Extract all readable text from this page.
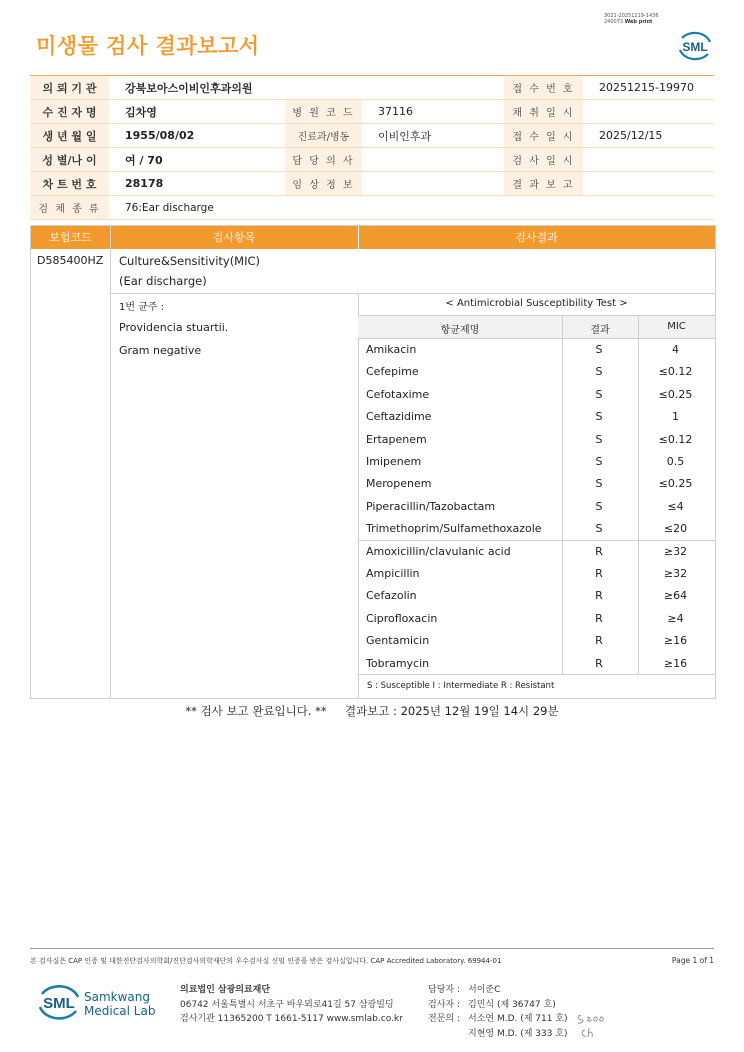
미생물 검사 결과보고서
3021-20251219-1436
240073 Web print
SML
의 뢰 기 관	강북보아스이비인후과의원			접 수 번 호	20251215-19970
수 진 자 명	김차영	병 원 코 드	37116	채 취 일 시	
생 년 월 일	1955/08/02	진료과/병동	이비인후과	접 수 일 시	2025/12/15
성 별/나 이	여 / 70	담 당 의 사		검 사 일 시	
차 트 번 호	28178	임 상 정 보		결 과 보 고	
검 체 종 류	76:Ear discharge				
보험코드	검사항목	검사결과
D585400HZ Culture&Sensitivity(MIC)
(Ear discharge)
1번 균주 :
Providencia stuartii.
Gram negative
< Antimicrobial Susceptibility Test >
항균제명	결과	MIC
S : Susceptible I : Intermediate R : Resistant
Amikacin	S	4
Cefepime	S	≤0.12
Cefotaxime	S	≤0.25
Ceftazidime	S	1
Ertapenem	S	≤0.12
Imipenem	S	0.5
Meropenem	S	≤0.25
Piperacillin/Tazobactam	S	≤4
Trimethoprim/Sulfamethoxazole	S	≤20
Amoxicillin/clavulanic acid	R	≥32
Ampicillin	R	≥32
Cefazolin	R	≥64
Ciprofloxacin	R	≥4
Gentamicin	R	≥16
Tobramycin	R	≥16
** 검사 보고 완료입니다. ** 결과보고 : 2025년 12월 19일 14시 29분
본 검사실은 CAP 인증 및 대한진단검사의학회/진단검사의학재단의 우수검사실 신임 인증을 받은 검사실입니다. CAP Accredited Laboratory. 69944-01	Page 1 of 1
SML Samkwang
Medical Lab
의료법인 삼광의료재단
06742 서울특별시 서초구 바우뫼로41길 57 삼광빌딩
검사기관 11365200 T 1661-5117 www.smlab.co.kr
담당자 : 서이준C
검사자 : 김민식 (제 36747 호)
전문의 : 서소연 M.D. (제 711 호)
지현영 M.D. (제 333 호)
